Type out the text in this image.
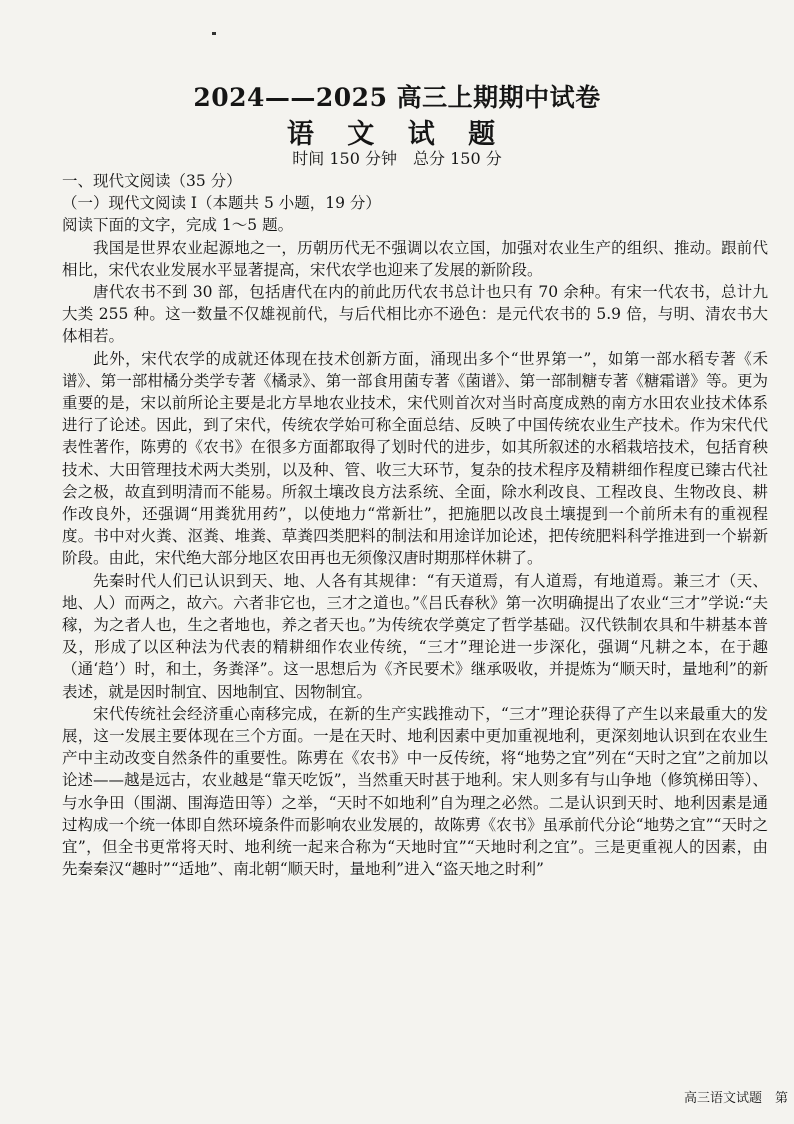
2024——2025 高三上期期中试卷
语 文 试 题
时间 150 分钟　总分 150 分

一、现代文阅读（35 分）

（一）现代文阅读 I（本题共 5 小题，19 分）

阅读下面的文字，完成 1～5 题。

我国是世界农业起源地之一，历朝历代无不强调以农立国，加强对农业生产的组织、推动。跟前代相比，宋代农业发展水平显著提高，宋代农学也迎来了发展的新阶段。

唐代农书不到 30 部，包括唐代在内的前此历代农书总计也只有 70 余种。有宋一代农书，总计九大类 255 种。这一数量不仅雄视前代，与后代相比亦不逊色：是元代农书的 5.9 倍，与明、清农书大体相若。

此外，宋代农学的成就还体现在技术创新方面，涌现出多个“世界第一”，如第一部水稻专著《禾谱》、第一部柑橘分类学专著《橘录》、第一部食用菌专著《菌谱》、第一部制糖专著《糖霜谱》等。更为重要的是，宋以前所论主要是北方旱地农业技术，宋代则首次对当时高度成熟的南方水田农业技术体系进行了论述。因此，到了宋代，传统农学始可称全面总结、反映了中国传统农业生产技术。作为宋代代表性著作，陈旉的《农书》在很多方面都取得了划时代的进步，如其所叙述的水稻栽培技术，包括育秧技术、大田管理技术两大类别，以及种、管、收三大环节，复杂的技术程序及精耕细作程度已臻古代社会之极，故直到明清而不能易。所叙土壤改良方法系统、全面，除水利改良、工程改良、生物改良、耕作改良外，还强调“用粪犹用药”，以使地力“常新壮”，把施肥以改良土壤提到一个前所未有的重视程度。书中对火粪、沤粪、堆粪、草粪四类肥料的制法和用途详加论述，把传统肥料科学推进到一个崭新阶段。由此，宋代绝大部分地区农田再也无须像汉唐时期那样休耕了。

先秦时代人们已认识到天、地、人各有其规律：“有天道焉，有人道焉，有地道焉。兼三才（天、地、人）而两之，故六。六者非它也，三才之道也。”《吕氏春秋》第一次明确提出了农业“三才”学说:“夫稼，为之者人也，生之者地也，养之者天也。”为传统农学奠定了哲学基础。汉代铁制农具和牛耕基本普及，形成了以区种法为代表的精耕细作农业传统，“三才”理论进一步深化，强调“凡耕之本，在于趣（通‘趋’）时，和土，务粪泽”。这一思想后为《齐民要术》继承吸收，并提炼为“顺天时，量地利”的新表述，就是因时制宜、因地制宜、因物制宜。

宋代传统社会经济重心南移完成，在新的生产实践推动下，“三才”理论获得了产生以来最重大的发展，这一发展主要体现在三个方面。一是在天时、地利因素中更加重视地利，更深刻地认识到在农业生产中主动改变自然条件的重要性。陈旉在《农书》中一反传统，将“地势之宜”列在“天时之宜”之前加以论述——越是远古，农业越是“靠天吃饭”，当然重天时甚于地利。宋人则多有与山争地（修筑梯田等）、与水争田（围湖、围海造田等）之举，“天时不如地利”自为理之必然。二是认识到天时、地利因素是通过构成一个统一体即自然环境条件而影响农业发展的，故陈旉《农书》虽承前代分论“地势之宜”“天时之宜”，但全书更常将天时、地利统一起来合称为“天地时宜”“天地时利之宜”。三是更重视人的因素，由先秦秦汉“趣时”“适地”、南北朝“顺天时，量地利”进入“盗天地之时利”

高三语文试题　第
